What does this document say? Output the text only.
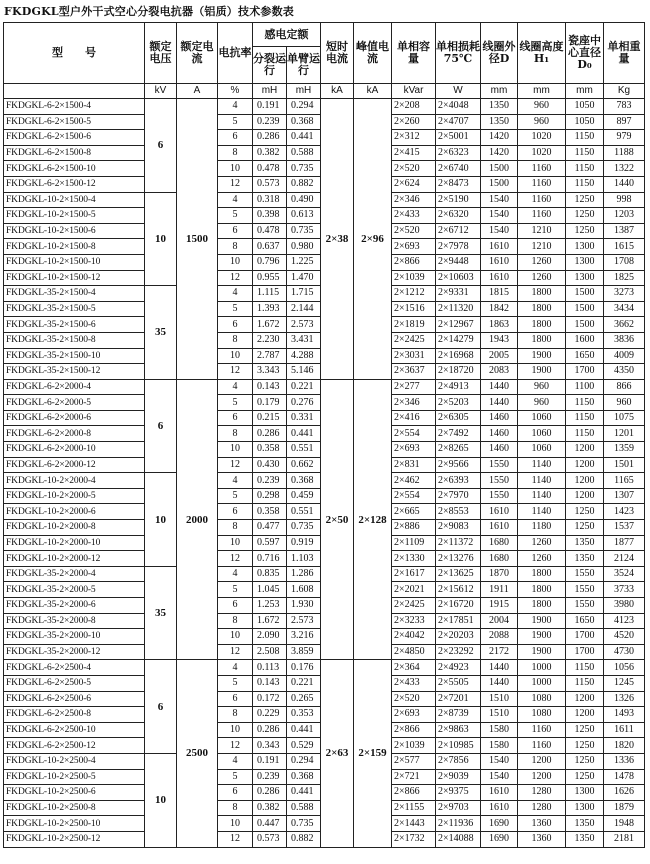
FKDGKL型户外干式空心分裂电抗器（铝质）技术参数表
型　　号	额定电压	额定电流	电抗率	感电定额		短时电流	峰值电流	单相容量	单相损耗75℃	线圈外径D	线圈高度H₁	瓷座中心直径D₀	单相重量
				分裂运行	单臂运行								
	kV	A	%	mH	mH	kA	kA	kVar	W	mm	mm	mm	Kg
FKDGKL-6-2×1500-4	6	1500	4	0.191	0.294	2×38	2×96	2×208	2×4048	1350	960	1050	783
FKDGKL-6-2×1500-5			5	0.239	0.368			2×260	2×4707	1350	960	1050	897
FKDGKL-6-2×1500-6			6	0.286	0.441			2×312	2×5001	1420	1020	1150	979
FKDGKL-6-2×1500-8			8	0.382	0.588			2×415	2×6323	1420	1020	1150	1188
FKDGKL-6-2×1500-10			10	0.478	0.735			2×520	2×6740	1500	1160	1150	1322
FKDGKL-6-2×1500-12			12	0.573	0.882			2×624	2×8473	1500	1160	1150	1440
FKDGKL-10-2×1500-4	10		4	0.318	0.490			2×346	2×5190	1540	1160	1250	998
FKDGKL-10-2×1500-5			5	0.398	0.613			2×433	2×6320	1540	1160	1250	1203
FKDGKL-10-2×1500-6			6	0.478	0.735			2×520	2×6712	1540	1210	1250	1387
FKDGKL-10-2×1500-8			8	0.637	0.980			2×693	2×7978	1610	1210	1300	1615
FKDGKL-10-2×1500-10			10	0.796	1.225			2×866	2×9448	1610	1260	1300	1708
FKDGKL-10-2×1500-12			12	0.955	1.470			2×1039	2×10603	1610	1260	1300	1825
FKDGKL-35-2×1500-4	35		4	1.115	1.715			2×1212	2×9331	1815	1800	1500	3273
FKDGKL-35-2×1500-5			5	1.393	2.144			2×1516	2×11320	1842	1800	1500	3434
FKDGKL-35-2×1500-6			6	1.672	2.573			2×1819	2×12967	1863	1800	1500	3662
FKDGKL-35-2×1500-8			8	2.230	3.431			2×2425	2×14279	1943	1800	1600	3836
FKDGKL-35-2×1500-10			10	2.787	4.288			2×3031	2×16968	2005	1900	1650	4009
FKDGKL-35-2×1500-12			12	3.343	5.146			2×3637	2×18720	2083	1900	1700	4350
FKDGKL-6-2×2000-4	6	2000	4	0.143	0.221	2×50	2×128	2×277	2×4913	1440	960	1100	866
FKDGKL-6-2×2000-5			5	0.179	0.276			2×346	2×5203	1440	960	1150	960
FKDGKL-6-2×2000-6			6	0.215	0.331			2×416	2×6305	1460	1060	1150	1075
FKDGKL-6-2×2000-8			8	0.286	0.441			2×554	2×7492	1460	1060	1150	1201
FKDGKL-6-2×2000-10			10	0.358	0.551			2×693	2×8265	1460	1060	1200	1359
FKDGKL-6-2×2000-12			12	0.430	0.662			2×831	2×9566	1550	1140	1200	1501
FKDGKL-10-2×2000-4	10		4	0.239	0.368			2×462	2×6393	1550	1140	1200	1165
FKDGKL-10-2×2000-5			5	0.298	0.459			2×554	2×7970	1550	1140	1200	1307
FKDGKL-10-2×2000-6			6	0.358	0.551			2×665	2×8553	1610	1140	1250	1423
FKDGKL-10-2×2000-8			8	0.477	0.735			2×886	2×9083	1610	1180	1250	1537
FKDGKL-10-2×2000-10			10	0.597	0.919			2×1109	2×11372	1680	1260	1350	1877
FKDGKL-10-2×2000-12			12	0.716	1.103			2×1330	2×13276	1680	1260	1350	2124
FKDGKL-35-2×2000-4	35		4	0.835	1.286			2×1617	2×13625	1870	1800	1550	3524
FKDGKL-35-2×2000-5			5	1.045	1.608			2×2021	2×15612	1911	1800	1550	3733
FKDGKL-35-2×2000-6			6	1.253	1.930			2×2425	2×16720	1915	1800	1550	3980
FKDGKL-35-2×2000-8			8	1.672	2.573			2×3233	2×17851	2004	1900	1650	4123
FKDGKL-35-2×2000-10			10	2.090	3.216			2×4042	2×20203	2088	1900	1700	4520
FKDGKL-35-2×2000-12			12	2.508	3.859			2×4850	2×23292	2172	1900	1700	4730
FKDGKL-6-2×2500-4	6	2500	4	0.113	0.176	2×63	2×159	2×364	2×4923	1440	1000	1150	1056
FKDGKL-6-2×2500-5			5	0.143	0.221			2×433	2×5505	1440	1000	1150	1245
FKDGKL-6-2×2500-6			6	0.172	0.265			2×520	2×7201	1510	1080	1200	1326
FKDGKL-6-2×2500-8			8	0.229	0.353			2×693	2×8739	1510	1080	1200	1493
FKDGKL-6-2×2500-10			10	0.286	0.441			2×866	2×9863	1580	1160	1250	1611
FKDGKL-6-2×2500-12			12	0.343	0.529			2×1039	2×10985	1580	1160	1250	1820
FKDGKL-10-2×2500-4	10		4	0.191	0.294			2×577	2×7856	1540	1200	1250	1336
FKDGKL-10-2×2500-5			5	0.239	0.368			2×721	2×9039	1540	1200	1250	1478
FKDGKL-10-2×2500-6			6	0.286	0.441			2×866	2×9375	1610	1280	1300	1626
FKDGKL-10-2×2500-8			8	0.382	0.588			2×1155	2×9703	1610	1280	1300	1879
FKDGKL-10-2×2500-10			10	0.447	0.735			2×1443	2×11936	1690	1360	1350	1948
FKDGKL-10-2×2500-12			12	0.573	0.882			2×1732	2×14088	1690	1360	1350	2181
